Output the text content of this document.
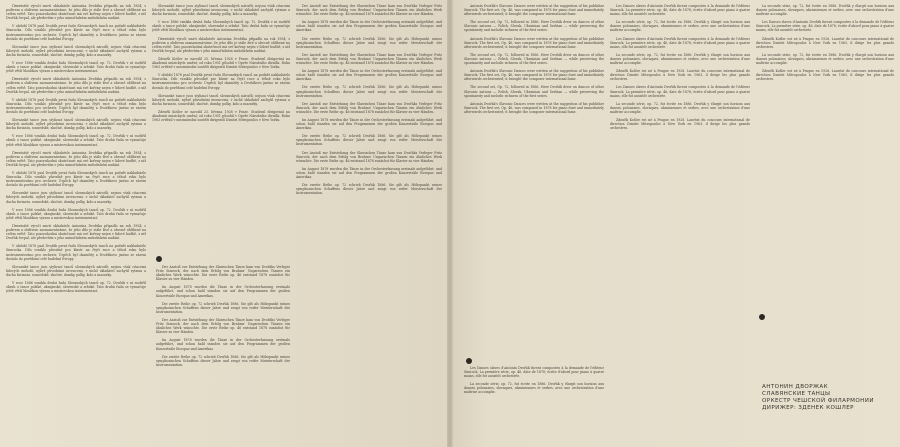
Пятиtsáté výročí smrti skladatele Antonína Dvořáka připadlo na rok 1954; s podivem a obdivem zaznamenáváme, že jeho dílo je stále živé a obecně oblíbené na celém světě. Tato pozoruhodná skutečnost má své kořeny nejen v lidové hudbě, z níž Dvořák čerpal, ale především v jeho mimořádném melodickém nadání.

V období 1878 psal Dvořák první řadu Slovanských tanců na podnět nakladatele Simrocka. Dílo vzniklo původně pro klavír na čtyři ruce a téhož roku bylo instrumentováno pro orchestr. Úspěch byl okamžitý a Dvořákovo jméno se rázem dostalo do povědomí celé hudební Evropy.

Slovanské tance jsou stylizací tanců slovanských národů; nejsou však citacemi lidových melodií, nýbrž původními invencemi, v nichž skladatel zachytil rytmus a ducha furiantu, sousedské, skočné, dumky, polky, kolo a mazurky.

V roce 1886 vznikla druhá řada Slovanských tanců op. 72. Dvořák v ní rozšířil okruh o tance polské, ukrajinské, slovenské a srbské. Tato druhá řada se vyznačuje ještě větší hloubkou výrazu a mistrovskou instrumentací.

Пятиtsáté výročí smrti skladatele Antonína Dvořáka připadlo na rok 1954; s podivem a obdivem zaznamenáváme, že jeho dílo je stále živé a obecně oblíbené na celém světě. Tato pozoruhodná skutečnost má své kořeny nejen v lidové hudbě, z níž Dvořák čerpal, ale především v jeho mimořádném melodickém nadání.

V období 1878 psal Dvořák první řadu Slovanských tanců na podnět nakladatele Simrocka. Dílo vzniklo původně pro klavír na čtyři ruce a téhož roku bylo instrumentováno pro orchestr. Úspěch byl okamžitý a Dvořákovo jméno se rázem dostalo do povědomí celé hudební Evropy.

Slovanské tance jsou stylizací tanců slovanských národů; nejsou však citacemi lidových melodií, nýbrž původními invencemi, v nichž skladatel zachytil rytmus a ducha furiantu, sousedské, skočné, dumky, polky, kolo a mazurky.

V roce 1886 vznikla druhá řada Slovanských tanců op. 72. Dvořák v ní rozšířil okruh o tance polské, ukrajinské, slovenské a srbské. Tato druhá řada se vyznačuje ještě větší hloubkou výrazu a mistrovskou instrumentací.

Пятиtsáté výročí smrti skladatele Antonína Dvořáka připadlo na rok 1954; s podivem a obdivem zaznamenáváme, že jeho dílo je stále živé a obecně oblíbené na celém světě. Tato pozoruhodná skutečnost má své kořeny nejen v lidové hudbě, z níž Dvořák čerpal, ale především v jeho mimořádném melodickém nadání.

V období 1878 psal Dvořák první řadu Slovanských tanců na podnět nakladatele Simrocka. Dílo vzniklo původně pro klavír na čtyři ruce a téhož roku bylo instrumentováno pro orchestr. Úspěch byl okamžitý a Dvořákovo jméno se rázem dostalo do povědomí celé hudební Evropy.

Slovanské tance jsou stylizací tanců slovanských národů; nejsou však citacemi lidových melodií, nýbrž původními invencemi, v nichž skladatel zachytil rytmus a ducha furiantu, sousedské, skočné, dumky, polky, kolo a mazurky.

V roce 1886 vznikla druhá řada Slovanských tanců op. 72. Dvořák v ní rozšířil okruh o tance polské, ukrajinské, slovenské a srbské. Tato druhá řada se vyznačuje ještě větší hloubkou výrazu a mistrovskou instrumentací.

Пятиtsáté výročí smrti skladatele Antonína Dvořáka připadlo na rok 1954; s podivem a obdivem zaznamenáváme, že jeho dílo je stále živé a obecně oblíbené na celém světě. Tato pozoruhodná skutečnost má své kořeny nejen v lidové hudbě, z níž Dvořák čerpal, ale především v jeho mimořádném melodickém nadání.

V období 1878 psal Dvořák první řadu Slovanských tanců na podnět nakladatele Simrocka. Dílo vzniklo původně pro klavír na čtyři ruce a téhož roku bylo instrumentováno pro orchestr. Úspěch byl okamžitý a Dvořákovo jméno se rázem dostalo do povědomí celé hudební Evropy.

Slovanské tance jsou stylizací tanců slovanských národů; nejsou však citacemi lidových melodií, nýbrž původními invencemi, v nichž skladatel zachytil rytmus a ducha furiantu, sousedské, skočné, dumky, polky, kolo a mazurky.

V roce 1886 vznikla druhá řada Slovanských tanců op. 72. Dvořák v ní rozšířil okruh o tance polské, ukrajinské, slovenské a srbské. Tato druhá řada se vyznačuje ještě větší hloubkou výrazu a mistrovskou instrumentací.

Slovanské tance jsou stylizací tanců slovanských národů; nejsou však citacemi lidových melodií, nýbrž původními invencemi, v nichž skladatel zachytil rytmus a ducha furiantu, sousedské, skočné, dumky, polky, kolo a mazurky.

V roce 1886 vznikla druhá řada Slovanských tanců op. 72. Dvořák v ní rozšířil okruh o tance polské, ukrajinské, slovenské a srbské. Tato druhá řada se vyznačuje ještě větší hloubkou výrazu a mistrovskou instrumentací.

Пятиtsáté výročí smrti skladatele Antonína Dvořáka připadlo na rok 1954; s podivem a obdivem zaznamenáváme, že jeho dílo je stále živé a obecně oblíbené na celém světě. Tato pozoruhodná skutečnost má své kořeny nejen v lidové hudbě, z níž Dvořák čerpal, ale především v jeho mimořádném melodickém nadání.

Zdeněk Košler se narodil 25. března 1928 v Praze. Studoval dirigování na Akademii múzických umění; od roku 1951 působil v Opeře Národního divadla. Roku 1963 zvítězil v mezinárodní soutěži dirigentů Dimitri Mitropoulos v New Yorku.

V období 1878 psal Dvořák první řadu Slovanských tanců na podnět nakladatele Simrocka. Dílo vzniklo původně pro klavír na čtyři ruce a téhož roku bylo instrumentováno pro orchestr. Úspěch byl okamžitý a Dvořákovo jméno se rázem dostalo do povědomí celé hudební Evropy.

Slovanské tance jsou stylizací tanců slovanských národů; nejsou však citacemi lidových melodií, nýbrž původními invencemi, v nichž skladatel zachytil rytmus a ducha furiantu, sousedské, skočné, dumky, polky, kolo a mazurky.

Zdeněk Košler se narodil 25. března 1928 v Praze. Studoval dirigování na Akademii múzických umění; od roku 1951 působil v Opeře Národního divadla. Roku 1963 zvítězil v mezinárodní soutěži dirigentů Dimitri Mitropoulos v New Yorku.

Der Anstoß zur Entstehung der Slawischen Tänze kam von Dvořáks Verleger Fritz Simrock, der nach dem Erfolg von Brahms' Ungarischen Tänzen ein ähnliches Werk wünschte. Die erste Reihe op. 46 entstand 1878 zunächst für Klavier zu vier Händen.

Im August 1878 wurden die Tänze in der Orchesterfassung erstmals aufgeführt, und schon bald standen sie auf den Programmen der großen Konzertsäle Europas und Amerikas.

Die zweite Reihe op. 72 schrieb Dvořák 1886. Sie gilt als Höhepunkt seines symphonischen Schaffens dieser Jahre und zeugt von reifer Meisterschaft der Instrumentation.

Der Anstoß zur Entstehung der Slawischen Tänze kam von Dvořáks Verleger Fritz Simrock, der nach dem Erfolg von Brahms' Ungarischen Tänzen ein ähnliches Werk wünschte. Die erste Reihe op. 46 entstand 1878 zunächst für Klavier zu vier Händen.

Im August 1878 wurden die Tänze in der Orchesterfassung erstmals aufgeführt, und schon bald standen sie auf den Programmen der großen Konzertsäle Europas und Amerikas.

Die zweite Reihe op. 72 schrieb Dvořák 1886. Sie gilt als Höhepunkt seines symphonischen Schaffens dieser Jahre und zeugt von reifer Meisterschaft der Instrumentation.

Der Anstoß zur Entstehung der Slawischen Tänze kam von Dvořáks Verleger Fritz Simrock, der nach dem Erfolg von Brahms' Ungarischen Tänzen ein ähnliches Werk wünschte. Die erste Reihe op. 46 entstand 1878 zunächst für Klavier zu vier Händen.

Im August 1878 wurden die Tänze in der Orchesterfassung erstmals aufgeführt, und schon bald standen sie auf den Programmen der großen Konzertsäle Europas und Amerikas.

Die zweite Reihe op. 72 schrieb Dvořák 1886. Sie gilt als Höhepunkt seines symphonischen Schaffens dieser Jahre und zeugt von reifer Meisterschaft der Instrumentation.

Der Anstoß zur Entstehung der Slawischen Tänze kam von Dvořáks Verleger Fritz Simrock, der nach dem Erfolg von Brahms' Ungarischen Tänzen ein ähnliches Werk wünschte. Die erste Reihe op. 46 entstand 1878 zunächst für Klavier zu vier Händen.

Im August 1878 wurden die Tänze in der Orchesterfassung erstmals aufgeführt, und schon bald standen sie auf den Programmen der großen Konzertsäle Europas und Amerikas.

Die zweite Reihe op. 72 schrieb Dvořák 1886. Sie gilt als Höhepunkt seines symphonischen Schaffens dieser Jahre und zeugt von reifer Meisterschaft der Instrumentation.

Der Anstoß zur Entstehung der Slawischen Tänze kam von Dvořáks Verleger Fritz Simrock, der nach dem Erfolg von Brahms' Ungarischen Tänzen ein ähnliches Werk wünschte. Die erste Reihe op. 46 entstand 1878 zunächst für Klavier zu vier Händen.

Im August 1878 wurden die Tänze in der Orchesterfassung erstmals aufgeführt, und schon bald standen sie auf den Programmen der großen Konzertsäle Europas und Amerikas.

Die zweite Reihe op. 72 schrieb Dvořák 1886. Sie gilt als Höhepunkt seines symphonischen Schaffens dieser Jahre und zeugt von reifer Meisterschaft der Instrumentation.

Der Anstoß zur Entstehung der Slawischen Tänze kam von Dvořáks Verleger Fritz Simrock, der nach dem Erfolg von Brahms' Ungarischen Tänzen ein ähnliches Werk wünschte. Die erste Reihe op. 46 entstand 1878 zunächst für Klavier zu vier Händen.

Im August 1878 wurden die Tänze in der Orchesterfassung erstmals aufgeführt, und schon bald standen sie auf den Programmen der großen Konzertsäle Europas und Amerikas.

Die zweite Reihe op. 72 schrieb Dvořák 1886. Sie gilt als Höhepunkt seines symphonischen Schaffens dieser Jahre und zeugt von reifer Meisterschaft der Instrumentation.

Antonín Dvořák's Slavonic Dances were written at the suggestion of his publisher Simrock. The first set, Op. 46, was composed in 1878 for piano duet and immediately afterwards orchestrated; it brought the composer international fame.

The second set, Op. 72, followed in 1886. Here Dvořák drew on dances of other Slavonic nations — Polish, Slovak, Ukrainian and Serbian — while preserving the spontaneity and melodic richness of the first series.

Antonín Dvořák's Slavonic Dances were written at the suggestion of his publisher Simrock. The first set, Op. 46, was composed in 1878 for piano duet and immediately afterwards orchestrated; it brought the composer international fame.

The second set, Op. 72, followed in 1886. Here Dvořák drew on dances of other Slavonic nations — Polish, Slovak, Ukrainian and Serbian — while preserving the spontaneity and melodic richness of the first series.

Antonín Dvořák's Slavonic Dances were written at the suggestion of his publisher Simrock. The first set, Op. 46, was composed in 1878 for piano duet and immediately afterwards orchestrated; it brought the composer international fame.

The second set, Op. 72, followed in 1886. Here Dvořák drew on dances of other Slavonic nations — Polish, Slovak, Ukrainian and Serbian — while preserving the spontaneity and melodic richness of the first series.

Antonín Dvořák's Slavonic Dances were written at the suggestion of his publisher Simrock. The first set, Op. 46, was composed in 1878 for piano duet and immediately afterwards orchestrated; it brought the composer international fame.

Les Danses slaves d'Antonín Dvořák furent composées à la demande de l'éditeur Simrock. La première série, op. 46, date de 1878; écrite d'abord pour piano à quatre mains, elle fut aussitôt orchestrée.

La seconde série, op. 72, fut écrite en 1886. Dvořák y élargit son horizon aux danses polonaises, slovaques, ukrainiennes et serbes, avec une orchestration d'une maîtrise accomplie.

Les Danses slaves d'Antonín Dvořák furent composées à la demande de l'éditeur Simrock. La première série, op. 46, date de 1878; écrite d'abord pour piano à quatre mains, elle fut aussitôt orchestrée.

La seconde série, op. 72, fut écrite en 1886. Dvořák y élargit son horizon aux danses polonaises, slovaques, ukrainiennes et serbes, avec une orchestration d'une maîtrise accomplie.

Les Danses slaves d'Antonín Dvořák furent composées à la demande de l'éditeur Simrock. La première série, op. 46, date de 1878; écrite d'abord pour piano à quatre mains, elle fut aussitôt orchestrée.

La seconde série, op. 72, fut écrite en 1886. Dvořák y élargit son horizon aux danses polonaises, slovaques, ukrainiennes et serbes, avec une orchestration d'une maîtrise accomplie.

Zdeněk Košler est né à Prague en 1928. Lauréat du concours international de direction Dimitri Mitropoulos à New York en 1963, il dirige les plus grands orchestres.

Les Danses slaves d'Antonín Dvořák furent composées à la demande de l'éditeur Simrock. La première série, op. 46, date de 1878; écrite d'abord pour piano à quatre mains, elle fut aussitôt orchestrée.

La seconde série, op. 72, fut écrite en 1886. Dvořák y élargit son horizon aux danses polonaises, slovaques, ukrainiennes et serbes, avec une orchestration d'une maîtrise accomplie.

Zdeněk Košler est né à Prague en 1928. Lauréat du concours international de direction Dimitri Mitropoulos à New York en 1963, il dirige les plus grands orchestres.

La seconde série, op. 72, fut écrite en 1886. Dvořák y élargit son horizon aux danses polonaises, slovaques, ukrainiennes et serbes, avec une orchestration d'une maîtrise accomplie.

Les Danses slaves d'Antonín Dvořák furent composées à la demande de l'éditeur Simrock. La première série, op. 46, date de 1878; écrite d'abord pour piano à quatre mains, elle fut aussitôt orchestrée.

Zdeněk Košler est né à Prague en 1928. Lauréat du concours international de direction Dimitri Mitropoulos à New York en 1963, il dirige les plus grands orchestres.

La seconde série, op. 72, fut écrite en 1886. Dvořák y élargit son horizon aux danses polonaises, slovaques, ukrainiennes et serbes, avec une orchestration d'une maîtrise accomplie.

Zdeněk Košler est né à Prague en 1928. Lauréat du concours international de direction Dimitri Mitropoulos à New York en 1963, il dirige les plus grands orchestres.

АНТОНИН ДВОРЖАК
СЛАВЯНСКИЕ ТАНЦЫ
ОРКЕСТР ЧЕШСКОЙ ФИЛАРМОНИИ
ДИРИЖЕР: ЗДЕНЕК КОШЛЕР
